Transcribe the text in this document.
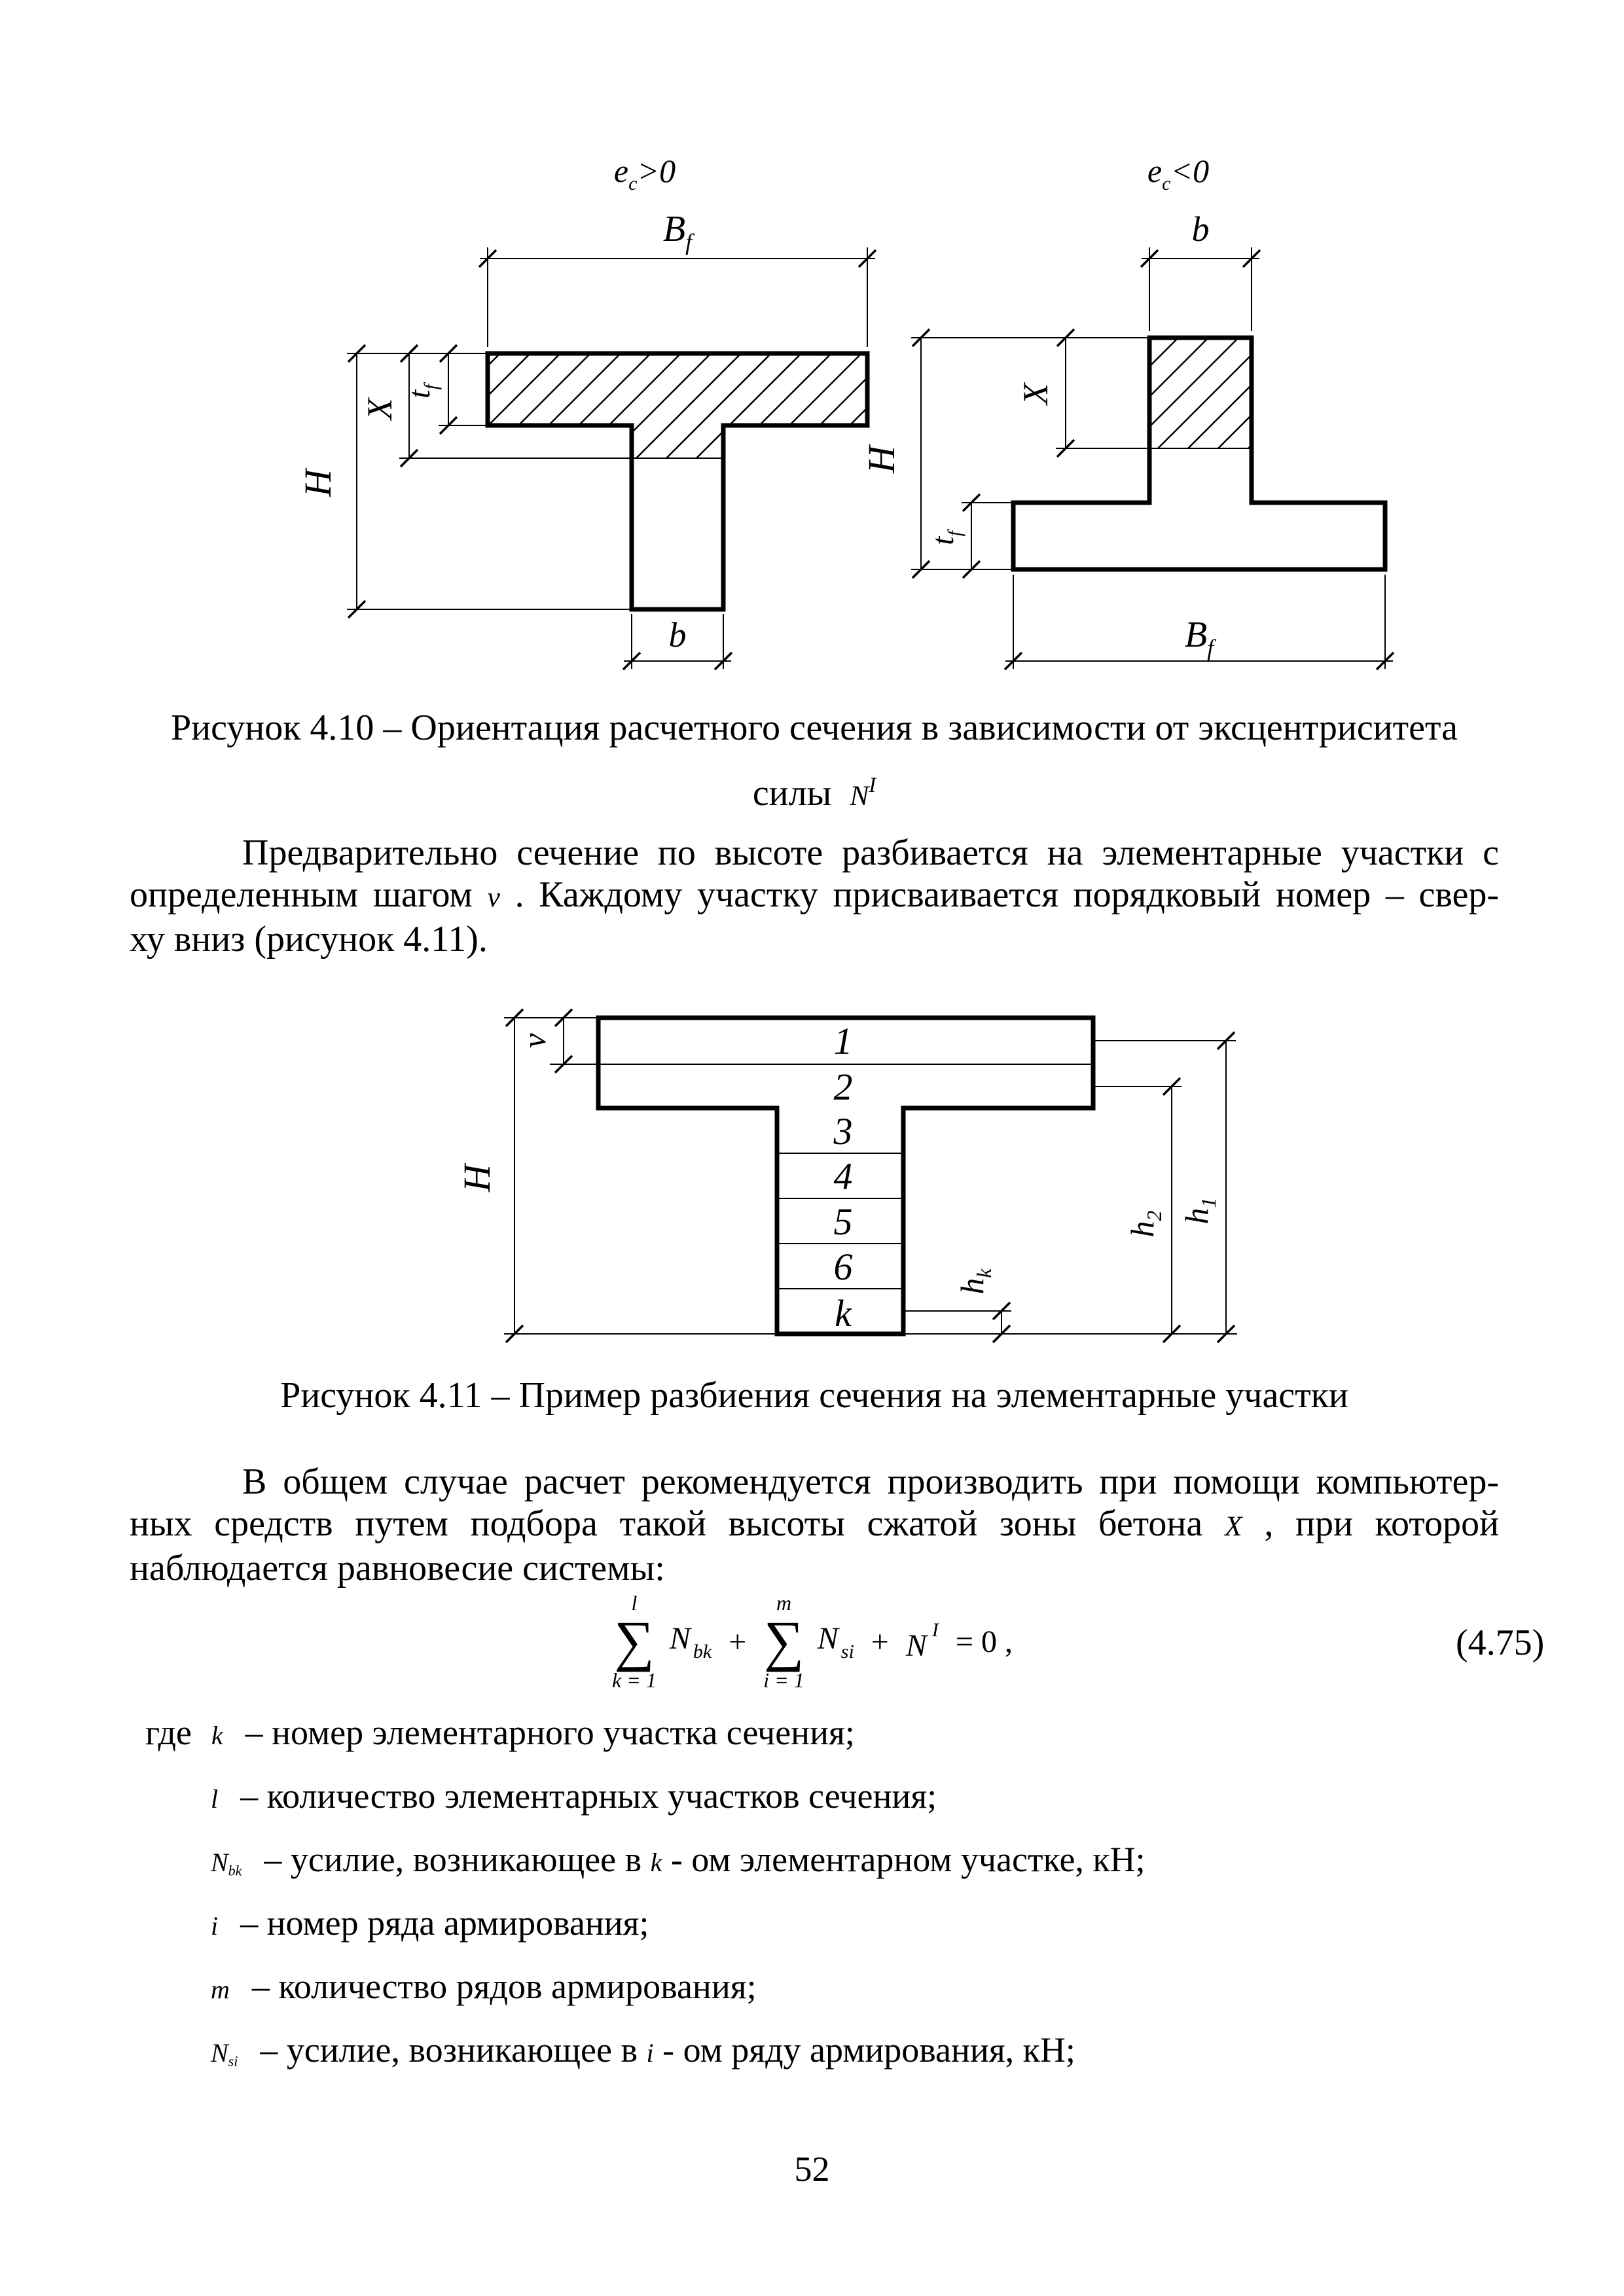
$e_c>0$
$B_f$
X
$t_f$
H
b
$e_c<0$
b
X
H
$t_f$
$B_f$
Рисунок 4.10 – Ориентация расчетного сечения в зависимости от эксцентриситета
силы $N^I$
Предварительно сечение по высоте разбивается на элементарные участки с
определенным шагом v . Каждому участку присваивается порядковый номер – свер-
ху вниз (рисунок 4.11).
1
2
3
4
5
6
k
v
H
$h_k$
$h_2$ $h_1$
Рисунок 4.11 – Пример разбиения сечения на элементарные участки
В общем случае расчет рекомендуется производить при помощи компьютер-
ных средств путем подбора такой высоты сжатой зоны бетона X , при которой
наблюдается равновесие системы:
l
∑
k = 1
N $_{bk}$ +
m
∑
i = 1
N $_{si}$ + N $^I$ = 0 ,	(4.75)
где k – номер элементарного участка сечения;
l – количество элементарных участков сечения;
Nbk – усилие, возникающее в k - ом элементарном участке, кН;
i – номер ряда армирования;
m – количество рядов армирования;
Nsi – усилие, возникающее в i - ом ряду армирования, кН;
52
